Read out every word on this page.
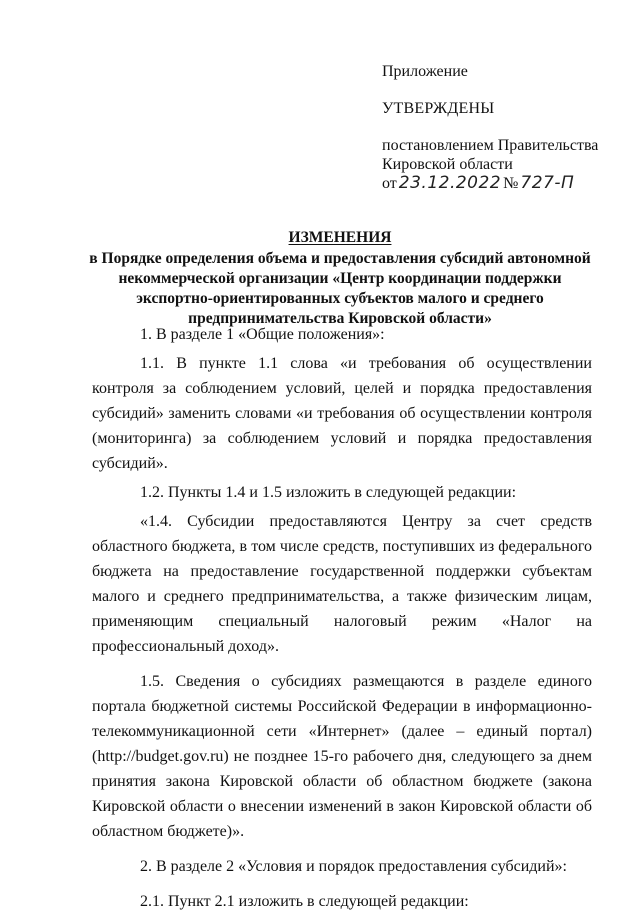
Приложение
УТВЕРЖДЕНЫ
постановлением Правительства
Кировской области
от 23.12.2022 № 727-П
ИЗМЕНЕНИЯ
в Порядке определения объема и предоставления субсидий автономной
некоммерческой организации «Центр координации поддержки
экспортно-ориентированных субъектов малого и среднего
предпринимательства Кировской области»

1. В разделе 1 «Общие положения»:

1.1. В пункте 1.1 слова «и требования об осуществлении контроля за соблюдением условий, целей и порядка предоставления субсидий» заменить словами «и требования об осуществлении контроля (мониторинга) за соблюдением условий и порядка предоставления субсидий».

1.2. Пункты 1.4 и 1.5 изложить в следующей редакции:

«1.4. Субсидии предоставляются Центру за счет средств областного бюджета, в том числе средств, поступивших из федерального бюджета на предоставление государственной поддержки субъектам малого и среднего предпринимательства, а также физическим лицам, применяющим специальный налоговый режим «Налог на профессиональный доход».

1.5. Сведения о субсидиях размещаются в разделе единого портала бюджетной системы Российской Федерации в информационно-телекоммуникационной сети «Интернет» (далее – единый портал) (http://budget.gov.ru) не позднее 15-го рабочего дня, следующего за днем принятия закона Кировской области об областном бюджете (закона Кировской области о внесении изменений в закон Кировской области об областном бюджете)».

2. В разделе 2 «Условия и порядок предоставления субсидий»:

2.1. Пункт 2.1 изложить в следующей редакции:
